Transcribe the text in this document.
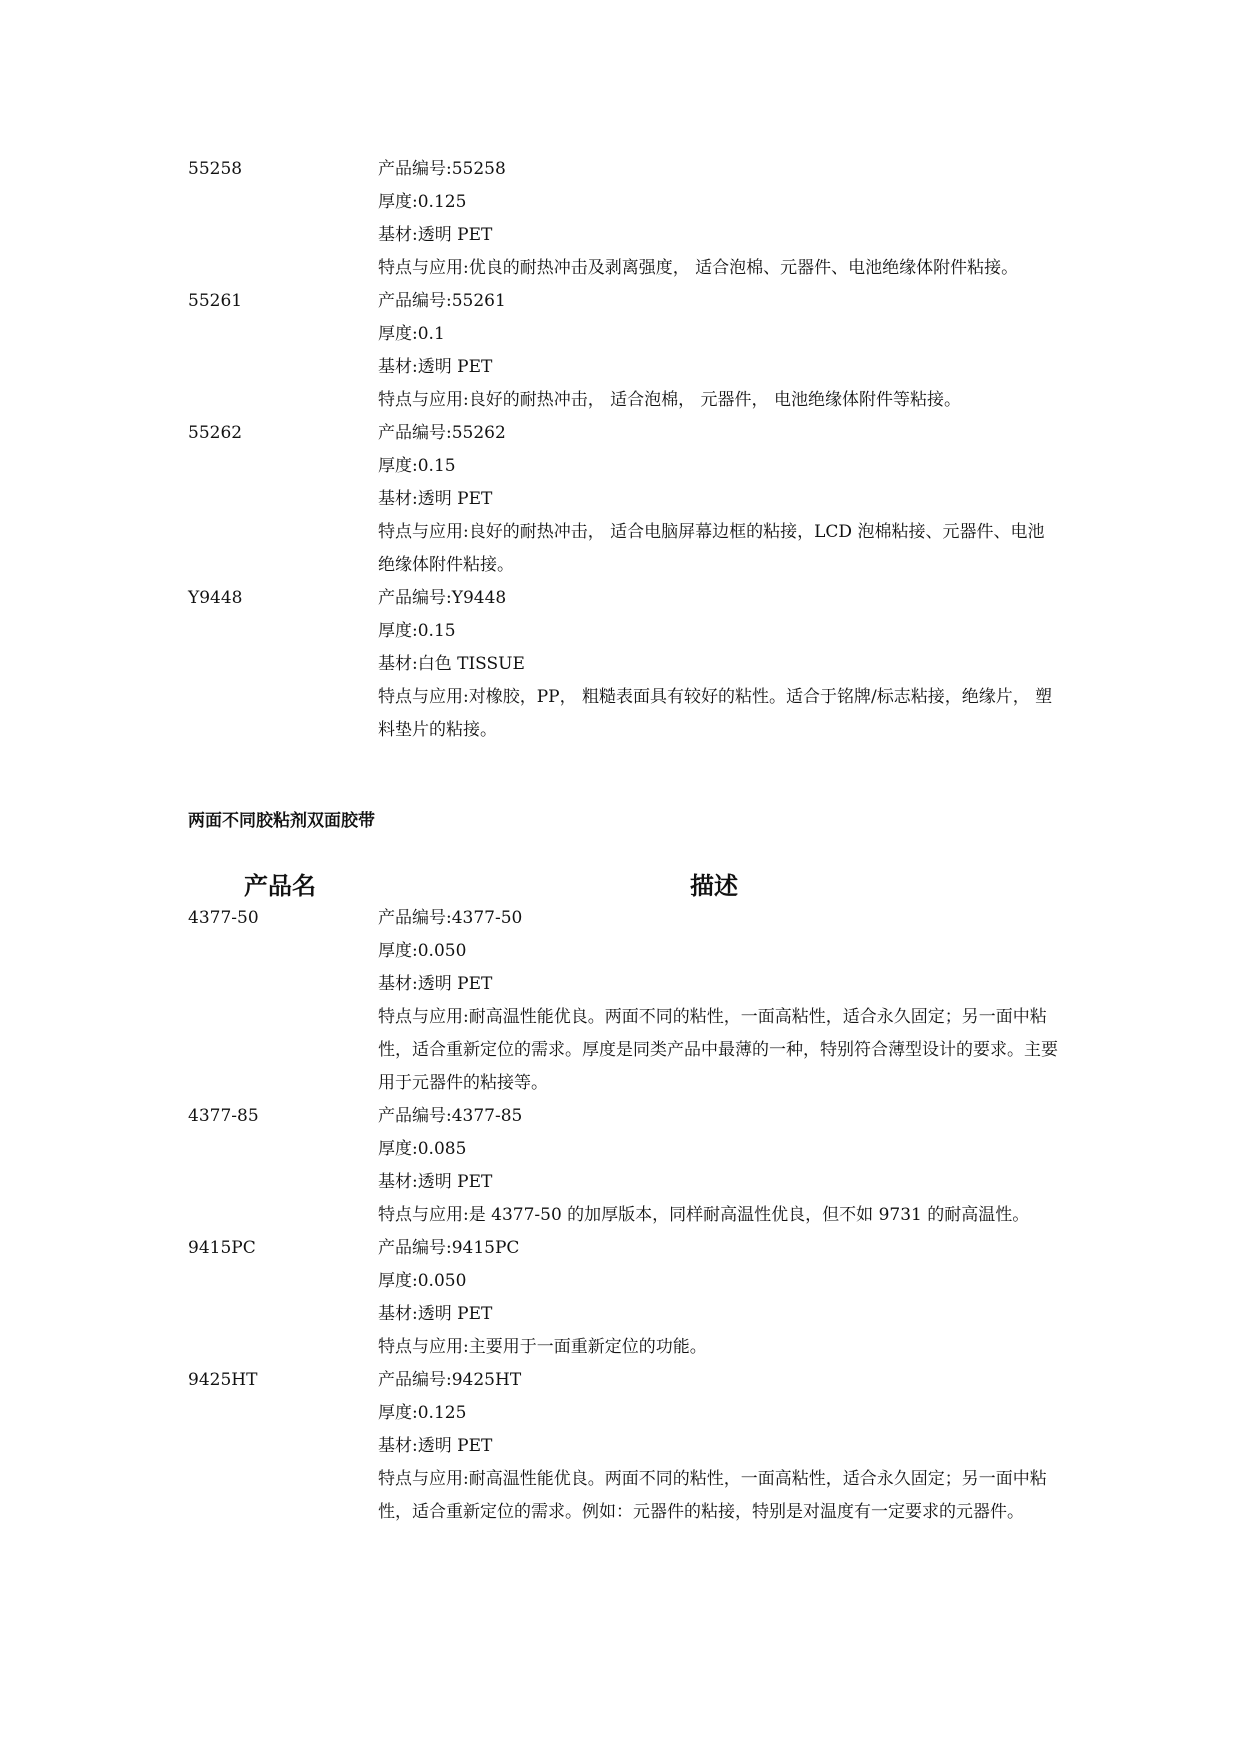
55258	产品编号:55258
厚度:0.125
基材:透明 PET
特点与应用:优良的耐热冲击及剥离强度， 适合泡棉、元器件、电池绝缘体附件粘接。
55261	产品编号:55261
厚度:0.1
基材:透明 PET
特点与应用:良好的耐热冲击， 适合泡棉， 元器件， 电池绝缘体附件等粘接。
55262	产品编号:55262
厚度:0.15
基材:透明 PET
特点与应用:良好的耐热冲击， 适合电脑屏幕边框的粘接，LCD 泡棉粘接、元器件、电池绝缘体附件粘接。
Y9448	产品编号:Y9448
厚度:0.15
基材:白色 TISSUE
特点与应用:对橡胶，PP， 粗糙表面具有较好的粘性。适合于铭牌/标志粘接，绝缘片， 塑料垫片的粘接。
两面不同胶粘剂双面胶带
产品名	描述
4377-50	产品编号:4377-50
厚度:0.050
基材:透明 PET
特点与应用:耐高温性能优良。两面不同的粘性，一面高粘性，适合永久固定；另一面中粘性，适合重新定位的需求。厚度是同类产品中最薄的一种，特别符合薄型设计的要求。主要用于元器件的粘接等。
4377-85	产品编号:4377-85
厚度:0.085
基材:透明 PET
特点与应用:是 4377-50 的加厚版本，同样耐高温性优良，但不如 9731 的耐高温性。
9415PC	产品编号:9415PC
厚度:0.050
基材:透明 PET
特点与应用:主要用于一面重新定位的功能。
9425HT	产品编号:9425HT
厚度:0.125
基材:透明 PET
特点与应用:耐高温性能优良。两面不同的粘性，一面高粘性，适合永久固定；另一面中粘性，适合重新定位的需求。例如：元器件的粘接，特别是对温度有一定要求的元器件。
